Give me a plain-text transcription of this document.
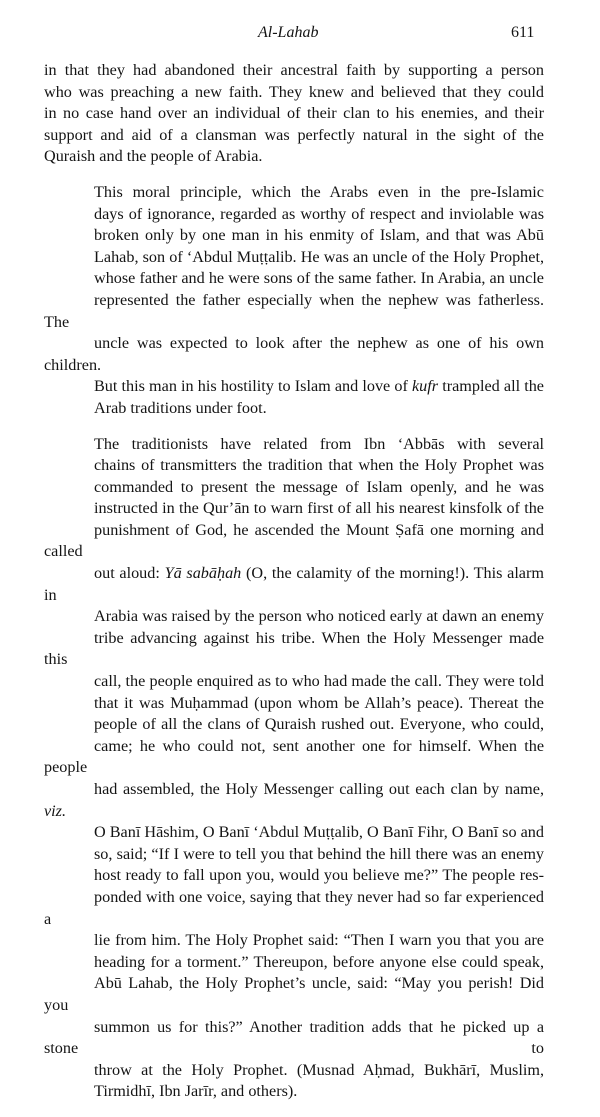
Al-Lahab	611

in that they had abandoned their ancestral faith by supporting a person
who was preaching a new faith. They knew and believed that they could
in no case hand over an individual of their clan to his enemies, and their
support and aid of a clansman was perfectly natural in the sight of the
Quraish and the people of Arabia.

This moral principle, which the Arabs even in the pre-Islamic
days of ignorance, regarded as worthy of respect and inviolable was
broken only by one man in his enmity of Islam, and that was Abū
Lahab, son of ‘Abdul Muṭṭalib. He was an uncle of the Holy Prophet,
whose father and he were sons of the same father. In Arabia, an uncle
represented the father especially when the nephew was fatherless. The
uncle was expected to look after the nephew as one of his own children.
But this man in his hostility to Islam and love of kufr trampled all the
Arab traditions under foot.

The traditionists have related from Ibn ‘Abbās with several
chains of transmitters the tradition that when the Holy Prophet was
commanded to present the message of Islam openly, and he was
instructed in the Qur’ān to warn first of all his nearest kinsfolk of the
punishment of God, he ascended the Mount Ṣafā one morning and called
out aloud: Yā sabāḥah (O, the calamity of the morning!). This alarm in
Arabia was raised by the person who noticed early at dawn an enemy
tribe advancing against his tribe. When the Holy Messenger made this
call, the people enquired as to who had made the call. They were told
that it was Muḥammad (upon whom be Allah’s peace). Thereat the
people of all the clans of Quraish rushed out. Everyone, who could,
came; he who could not, sent another one for himself. When the people
had assembled, the Holy Messenger calling out each clan by name, viz.
O Banī Hāshim, O Banī ‘Abdul Muṭṭalib, O Banī Fihr, O Banī so and
so, said; “If I were to tell you that behind the hill there was an enemy
host ready to fall upon you, would you believe me?” The people res-
ponded with one voice, saying that they never had so far experienced a
lie from him. The Holy Prophet said: “Then I warn you that you are
heading for a torment.” Thereupon, before anyone else could speak,
Abū Lahab, the Holy Prophet’s uncle, said: “May you perish! Did you
summon us for this?” Another tradition adds that he picked up a stone to
throw at the Holy Prophet. (Musnad Aḥmad, Bukhārī, Muslim,
Tirmidhī, Ibn Jarīr, and others).
